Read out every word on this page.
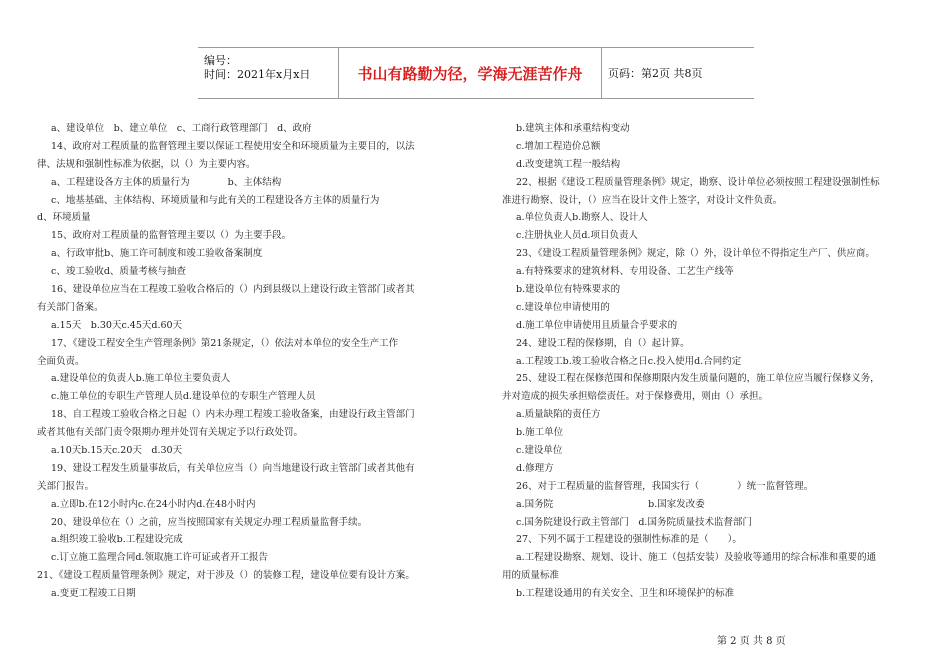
编号：
时间：2021年x月x日	书山有路勤为径，学海无涯苦作舟	页码：第2页 共8页
a、建设单位　b、建立单位　c、工商行政管理部门　d、政府
14、政府对工程质量的监督管理主要以保证工程使用安全和环境质量为主要目的，以法
律、法规和强制性标准为依据，以（）为主要内容。
a、工程建设各方主体的质量行为　　　　b、主体结构
c、地基基础、主体结构、环境质量和与此有关的工程建设各方主体的质量行为
d、环境质量
15、政府对工程质量的监督管理主要以（）为主要手段。
a、行政审批b、施工许可制度和竣工验收备案制度
c、竣工验收d、质量考核与抽查
16、建设单位应当在工程竣工验收合格后的（）内到县级以上建设行政主管部门或者其
有关部门备案。
a.15天　b.30天c.45天d.60天
17、《建设工程安全生产管理条例》第21条规定，（）依法对本单位的安全生产工作
全面负责。
a.建设单位的负责人b.施工单位主要负责人
c.施工单位的专职生产管理人员d.建设单位的专职生产管理人员
18、自工程竣工验收合格之日起（）内未办理工程竣工验收备案，由建设行政主管部门
或者其他有关部门责令限期办理并处罚有关规定予以行政处罚。
a.10天b.15天c.20天　d.30天
19、建设工程发生质量事故后，有关单位应当（）向当地建设行政主管部门或者其他有
关部门报告。
a.立即b.在12小时内c.在24小时内d.在48小时内
20、建设单位在（）之前，应当按照国家有关规定办理工程质量监督手续。
a.组织竣工验收b.工程建设完成
c.订立施工监理合同d.领取施工许可证或者开工报告
21、《建设工程质量管理条例》规定，对于涉及（）的装修工程，建设单位要有设计方案。
a.变更工程竣工日期
b.建筑主体和承重结构变动
c.增加工程造价总额
d.改变建筑工程一般结构
22、根据《建设工程质量管理条例》规定，勘察、设计单位必须按照工程建设强制性标
准进行勘察、设计，（）应当在设计文件上签字，对设计文件负责。
a.单位负责人b.勘察人、设计人
c.注册执业人员d.项目负责人
23、《建设工程质量管理条例》规定，除（）外，设计单位不得指定生产厂、供应商。
a.有特殊要求的建筑材料、专用设备、工艺生产线等
b.建设单位有特殊要求的
c.建设单位申请使用的
d.施工单位申请使用且质量合乎要求的
24、建设工程的保修期，自（）起计算。
a.工程竣工b.竣工验收合格之日c.投入使用d.合同约定
25、建设工程在保修范围和保修期限内发生质量问题的，施工单位应当履行保修义务，
并对造成的损失承担赔偿责任。对于保修费用，则由（）承担。
a.质量缺陷的责任方
b.施工单位
c.建设单位
d.修理方
26、对于工程质量的监督管理，我国实行（　　　　）统一监督管理。
a.国务院　　　　　　　　　　b.国家发改委
c.国务院建设行政主管部门　d.国务院质量技术监督部门
27、下列不属于工程建设的强制性标准的是（　　）。
a.工程建设勘察、规划、设计、施工（包括安装）及验收等通用的综合标准和重要的通
用的质量标准
b.工程建设通用的有关安全、卫生和环境保护的标准
第 2 页 共 8 页
